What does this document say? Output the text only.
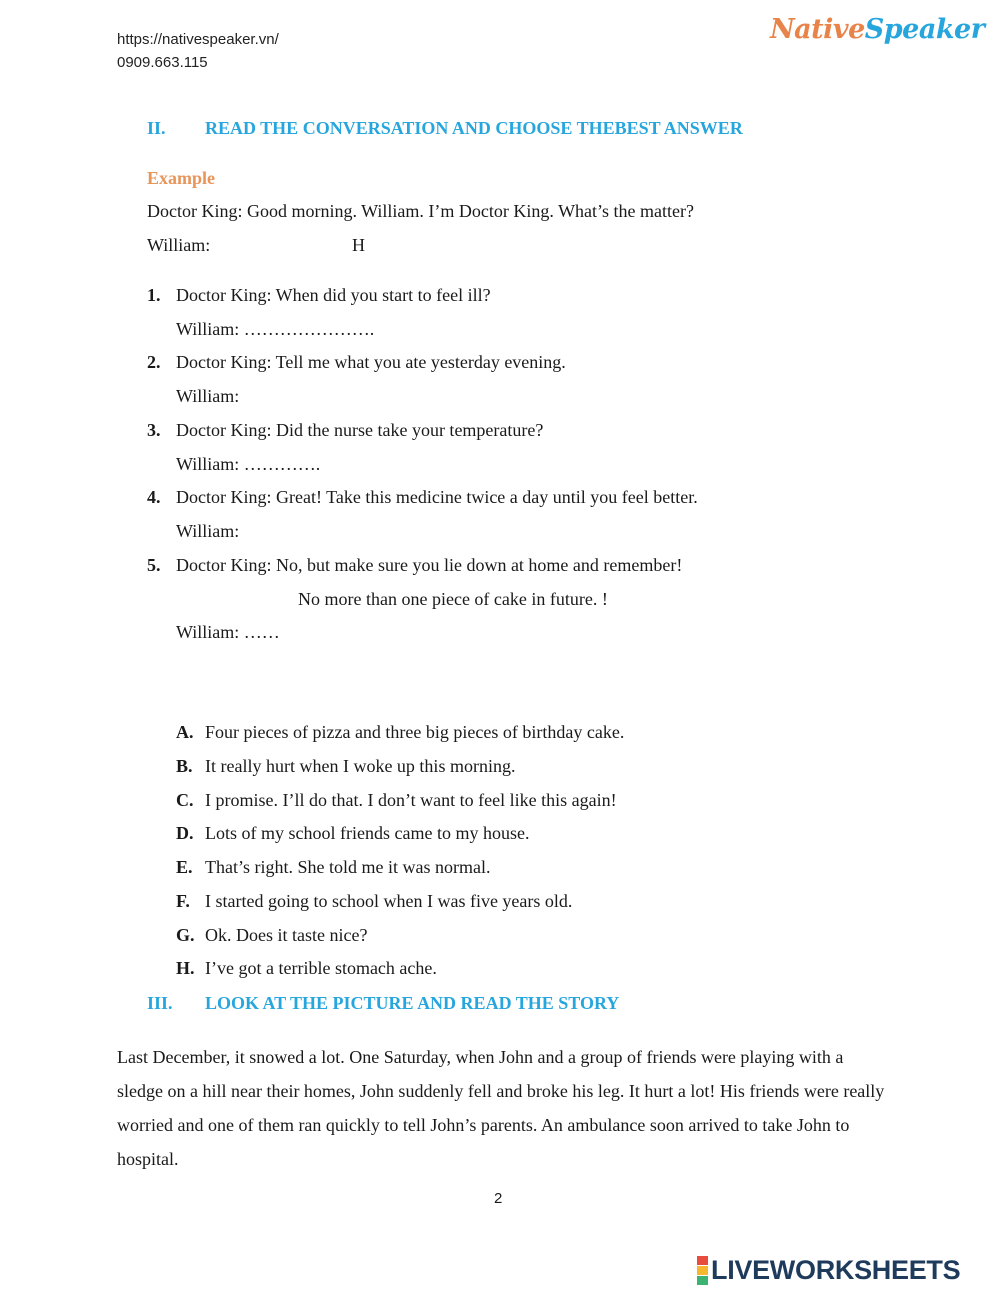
https://nativespeaker.vn/
0909.663.115
NativeSpeaker
II. READ THE CONVERSATION AND CHOOSE THEBEST ANSWER
Example
Doctor King: Good morning. William. I’m Doctor King. What’s the matter?
William:	H
1. Doctor King: When did you start to feel ill?
William: ………………….
2. Doctor King: Tell me what you ate yesterday evening.
William:
3. Doctor King: Did the nurse take your temperature?
William: ………….
4. Doctor King: Great! Take this medicine twice a day until you feel better.
William:
5. Doctor King: No, but make sure you lie down at home and remember!
No more than one piece of cake in future. !
William: ……
A. Four pieces of pizza and three big pieces of birthday cake.
B. It really hurt when I woke up this morning.
C. I promise. I’ll do that. I don’t want to feel like this again!
D. Lots of my school friends came to my house.
E. That’s right. She told me it was normal.
F. I started going to school when I was five years old.
G. Ok. Does it taste nice?
H. I’ve got a terrible stomach ache.
III. LOOK AT THE PICTURE AND READ THE STORY

Last December, it snowed a lot. One Saturday, when John and a group of friends were playing with a sledge on a hill near their homes, John suddenly fell and broke his leg. It hurt a lot! His friends were really worried and one of them ran quickly to tell John’s parents. An ambulance soon arrived to take John to hospital.

2
LIVEWORKSHEETS
